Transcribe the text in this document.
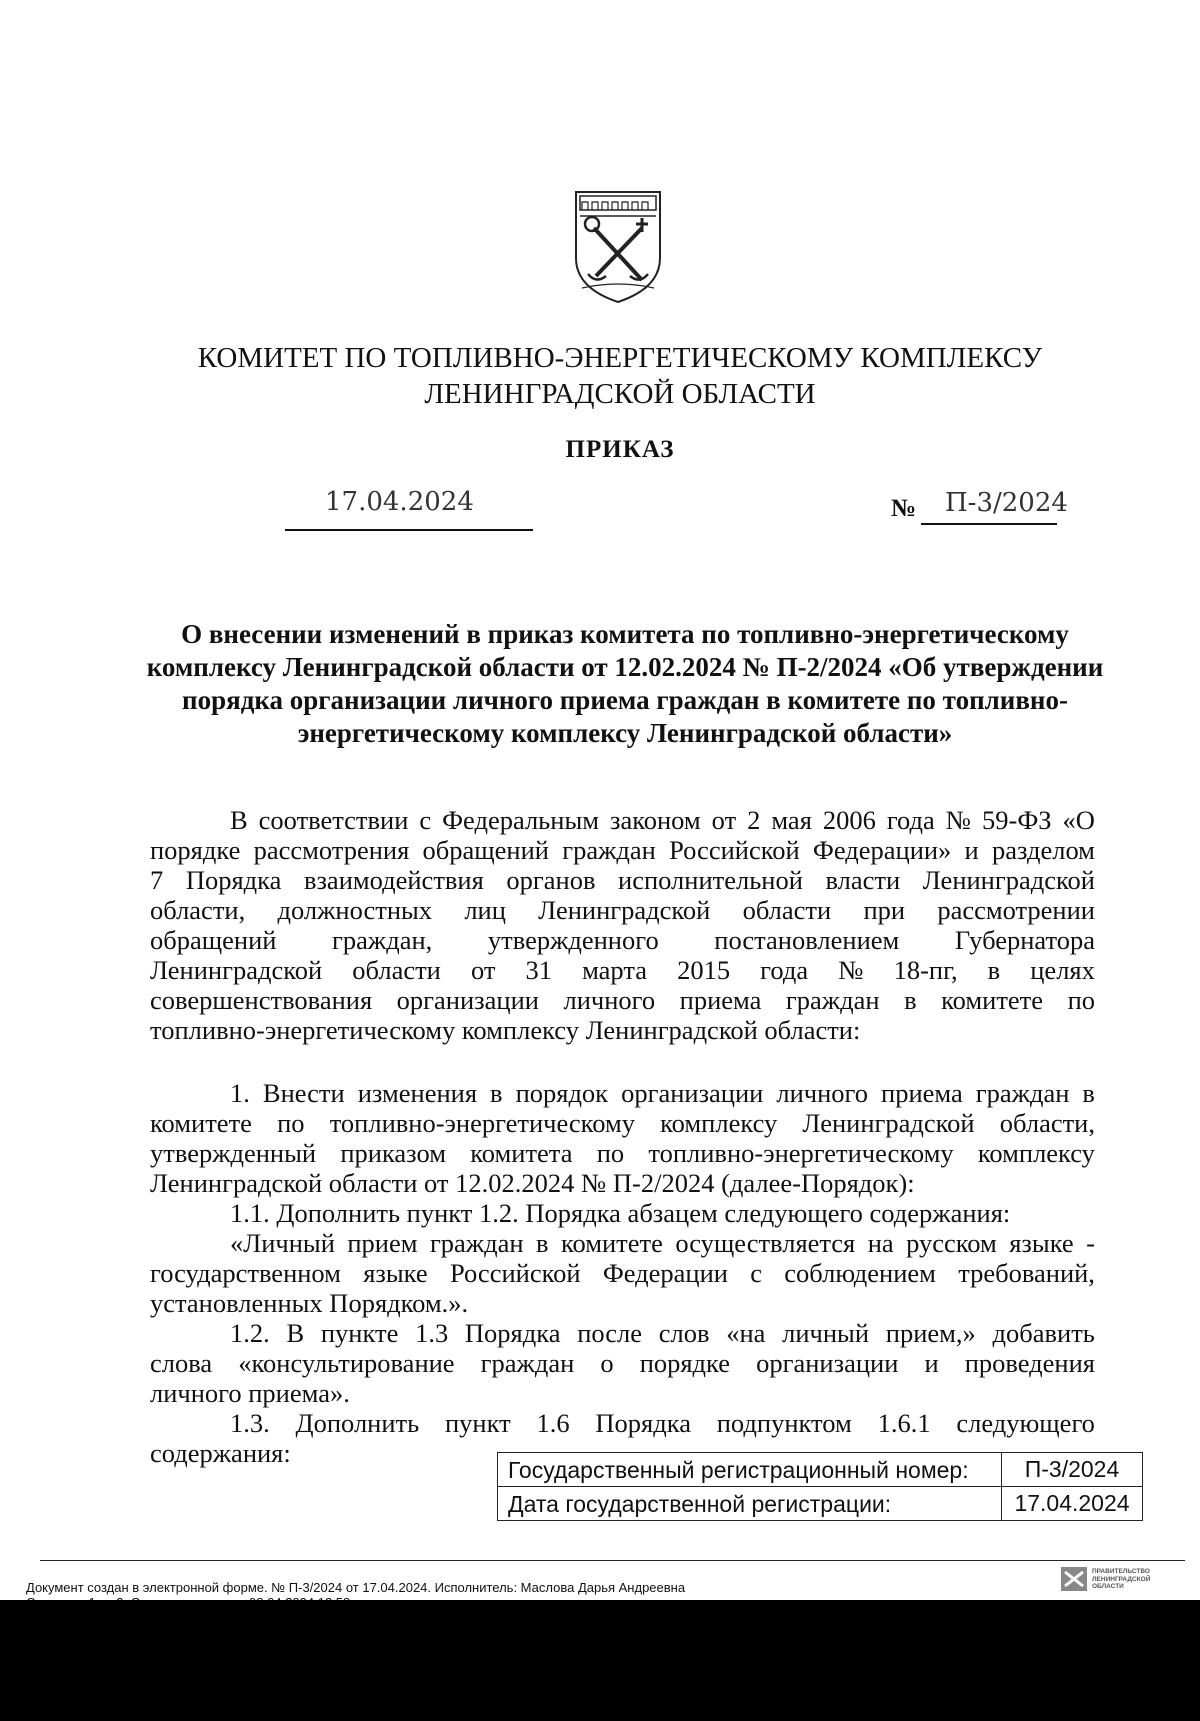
КОМИТЕТ ПО ТОПЛИВНО-ЭНЕРГЕТИЧЕСКОМУ КОМПЛЕКСУ
ЛЕНИНГРАДСКОЙ ОБЛАСТИ
ПРИКАЗ
17.04.2024	№ П-3/2024
О внесении изменений в приказ комитета по топливно-энергетическому
комплексу Ленинградской области от 12.02.2024 № П-2/2024 «Об утверждении
порядка организации личного приема граждан в комитете по топливно-
энергетическому комплексу Ленинградской области»
В соответствии с Федеральным законом от 2 мая 2006 года № 59-ФЗ «О
порядке рассмотрения обращений граждан Российской Федерации» и разделом
7 Порядка взаимодействия органов исполнительной власти Ленинградской
области, должностных лиц Ленинградской области при рассмотрении
обращений граждан, утвержденного постановлением Губернатора
Ленинградской области от 31 марта 2015 года № 18-пг, в целях
совершенствования организации личного приема граждан в комитете по
топливно-энергетическому комплексу Ленинградской области:
1. Внести изменения в порядок организации личного приема граждан в
комитете по топливно-энергетическому комплексу Ленинградской области,
утвержденный приказом комитета по топливно-энергетическому комплексу
Ленинградской области от 12.02.2024 № П-2/2024 (далее-Порядок):
1.1. Дополнить пункт 1.2. Порядка абзацем следующего содержания:
«Личный прием граждан в комитете осуществляется на русском языке -
государственном языке Российской Федерации с соблюдением требований,
установленных Порядком.».
1.2. В пункте 1.3 Порядка после слов «на личный прием,» добавить
слова «консультирование граждан о порядке организации и проведения
личного приема».
1.3. Дополнить пункт 1.6 Порядка подпунктом 1.6.1 следующего
содержания:
Государственный регистрационный номер:	П-3/2024
Дата государственной регистрации:	17.04.2024
Документ создан в электронной форме. № П-3/2024 от 17.04.2024. Исполнитель: Маслова Дарья Андреевна
ПРАВИТЕЛЬСТВО
ЛЕНИНГРАДСКОЙ
ОБЛАСТИ
